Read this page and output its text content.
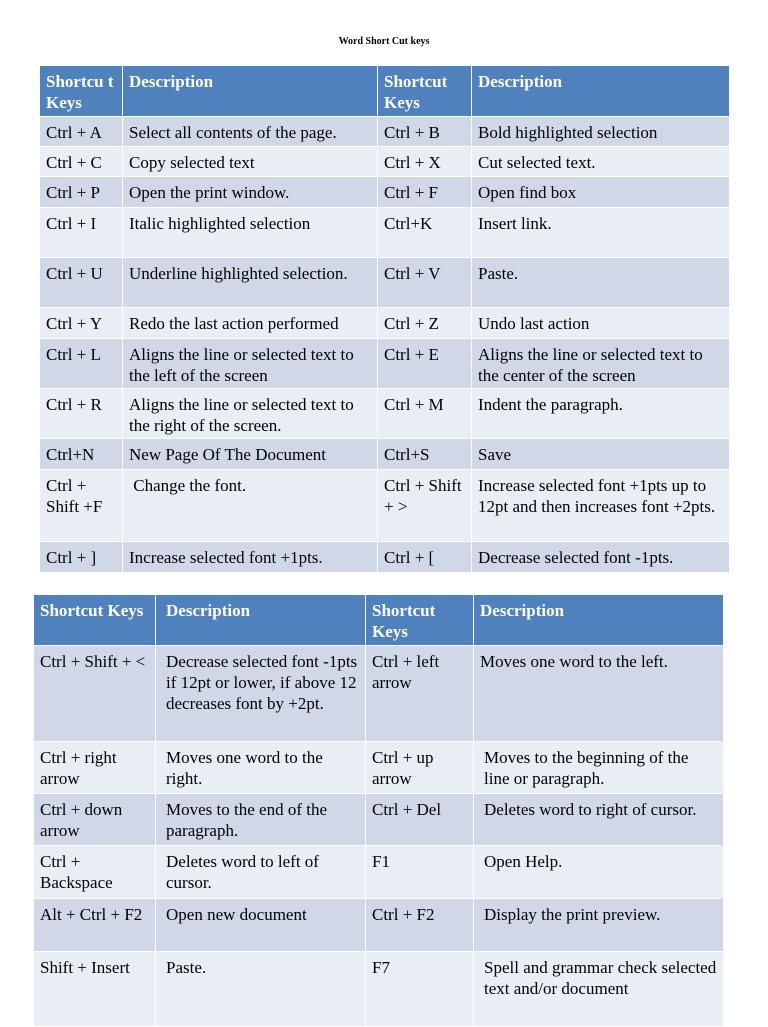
Word Short Cut keys
Shortcu t Keys	Description	Shortcut Keys	Description
Ctrl + A	Select all contents of the page.	Ctrl + B	Bold highlighted selection
Ctrl + C	Copy selected text	Ctrl + X	Cut selected text.
Ctrl + P	Open the print window.	Ctrl + F	Open find box
Ctrl + I	Italic highlighted selection	Ctrl+K	Insert link.
Ctrl + U	Underline highlighted selection.	Ctrl + V	Paste.
Ctrl + Y	Redo the last action performed	Ctrl + Z	Undo last action
Ctrl + L	Aligns the line or selected text to the left of the screen	Ctrl + E	Aligns the line or selected text to the center of the screen
Ctrl + R	Aligns the line or selected text to the right of the screen.	Ctrl + M	Indent the paragraph.
Ctrl+N	New Page Of The Document	Ctrl+S	Save
Ctrl + Shift +F	Change the font.	Ctrl + Shift + >	Increase selected font +1pts up to 12pt and then increases font +2pts.
Ctrl + ]	Increase selected font +1pts.	Ctrl + [	Decrease selected font -1pts.
Shortcut Keys	Description	Shortcut Keys	Description
Ctrl + Shift + <	Decrease selected font -1pts if 12pt or lower, if above 12 decreases font by +2pt.	Ctrl + left arrow	Moves one word to the left.
Ctrl + right arrow	Moves one word to the right.	Ctrl + up arrow	Moves to the beginning of the line or paragraph.
Ctrl + down arrow	Moves to the end of the paragraph.	Ctrl + Del	Deletes word to right of cursor.
Ctrl + Backspace	Deletes word to left of cursor.	F1	Open Help.
Alt + Ctrl + F2	Open new document	Ctrl + F2	Display the print preview.
Shift + Insert	Paste.	F7	Spell and grammar check selected text and/or document
